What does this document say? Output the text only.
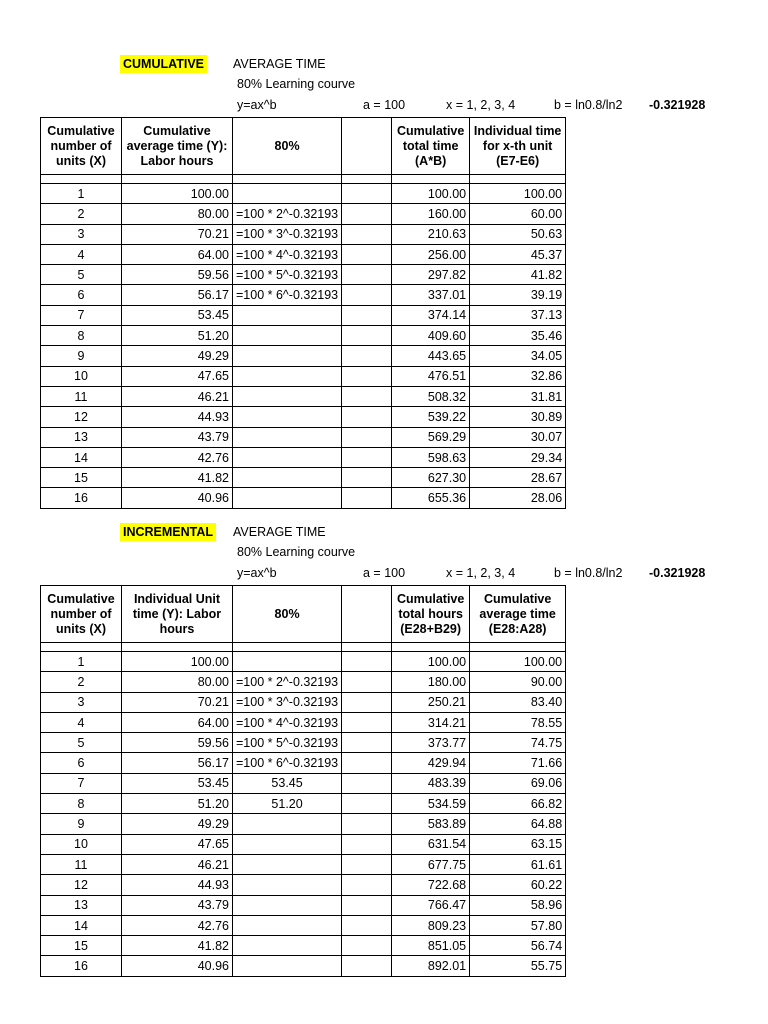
CUMULATIVE AVERAGE TIME
80% Learning courve
y=ax^b	a = 100	x = 1, 2, 3, 4	b = ln0.8/ln2 -0.321928
Cumulative number of units (X)	Cumulative average time (Y): Labor hours	80%		Cumulative total time (A*B)	Individual time for x-th unit (E7-E6)

1	100.00			100.00	100.00
2	80.00	=100 * 2^-0.32193		160.00	60.00
3	70.21	=100 * 3^-0.32193		210.63	50.63
4	64.00	=100 * 4^-0.32193		256.00	45.37
5	59.56	=100 * 5^-0.32193		297.82	41.82
6	56.17	=100 * 6^-0.32193		337.01	39.19
7	53.45			374.14	37.13
8	51.20			409.60	35.46
9	49.29			443.65	34.05
10	47.65			476.51	32.86
11	46.21			508.32	31.81
12	44.93			539.22	30.89
13	43.79			569.29	30.07
14	42.76			598.63	29.34
15	41.82			627.30	28.67
16	40.96			655.36	28.06
INCREMENTAL AVERAGE TIME
80% Learning courve
y=ax^b	a = 100	x = 1, 2, 3, 4	b = ln0.8/ln2 -0.321928
Cumulative number of units (X)	Individual Unit time (Y): Labor hours	80%		Cumulative total hours (E28+B29)	Cumulative average time (E28:A28)

1	100.00			100.00	100.00
2	80.00	=100 * 2^-0.32193		180.00	90.00
3	70.21	=100 * 3^-0.32193		250.21	83.40
4	64.00	=100 * 4^-0.32193		314.21	78.55
5	59.56	=100 * 5^-0.32193		373.77	74.75
6	56.17	=100 * 6^-0.32193		429.94	71.66
7	53.45	53.45		483.39	69.06
8	51.20	51.20		534.59	66.82
9	49.29			583.89	64.88
10	47.65			631.54	63.15
11	46.21			677.75	61.61
12	44.93			722.68	60.22
13	43.79			766.47	58.96
14	42.76			809.23	57.80
15	41.82			851.05	56.74
16	40.96			892.01	55.75
